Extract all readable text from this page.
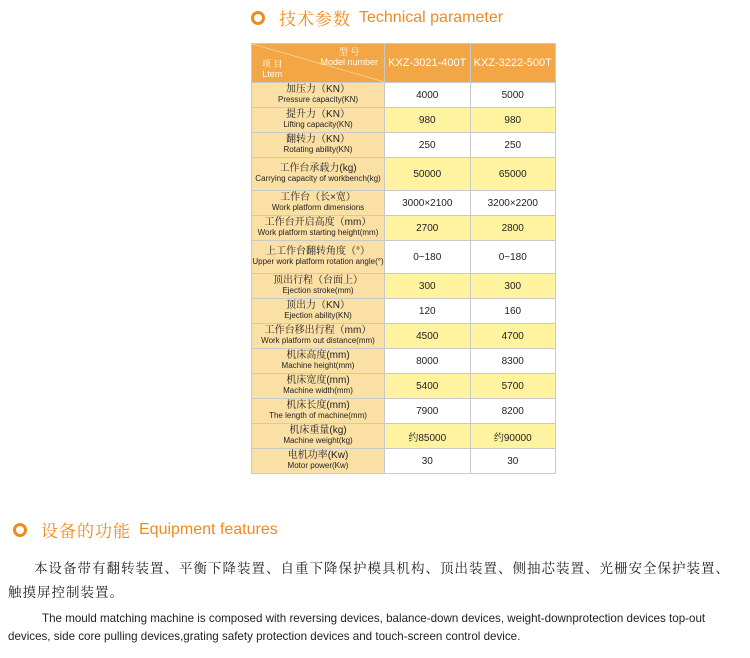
技术参数 Technical parameter
型 号
Model number
项 目
Ltem	KXZ-3021-400T	KXZ-3222-500T

加压力（KN）
Pressure capacity(KN)	4000	5000

提升力（KN）
Lifting capacity(KN)	980	980

翻转力（KN）
Rotating ability(KN)	250	250

工作台承载力(kg)
Carrying capacity of workbench(kg)	50000	65000

工作台（长×宽）
Work platform dimensions	3000×2100	3200×2200

工作台开启高度（mm）
Work platform starting height(mm)	2700	2800

上工作台翻转角度（°）
Upper work platform rotation angle(°)	0~180	0~180

顶出行程（台面上）
Ejection stroke(mm)	300	300

顶出力（KN）
Ejection ability(KN)	120	160

工作台移出行程（mm）
Work platform out distance(mm)	4500	4700

机床高度(mm)
Machine height(mm)	8000	8300

机床宽度(mm)
Machine width(mm)	5400	5700

机床长度(mm)
The length of machine(mm)	7900	8200

机床重量(kg)
Machine weight(kg)	约85000	约90000

电机功率(Kw)
Motor power(Kw)	30	30
设备的功能 Equipment features
本设备带有翻转装置、平衡下降装置、自重下降保护模具机构、顶出装置、侧抽芯装置、光栅安全保护装置、触摸屏控制装置。
The mould matching machine is composed with reversing devices, balance-down devices, weight-downprotection devices top-out devices, side core pulling devices,grating safety protection devices and touch-screen control device.
